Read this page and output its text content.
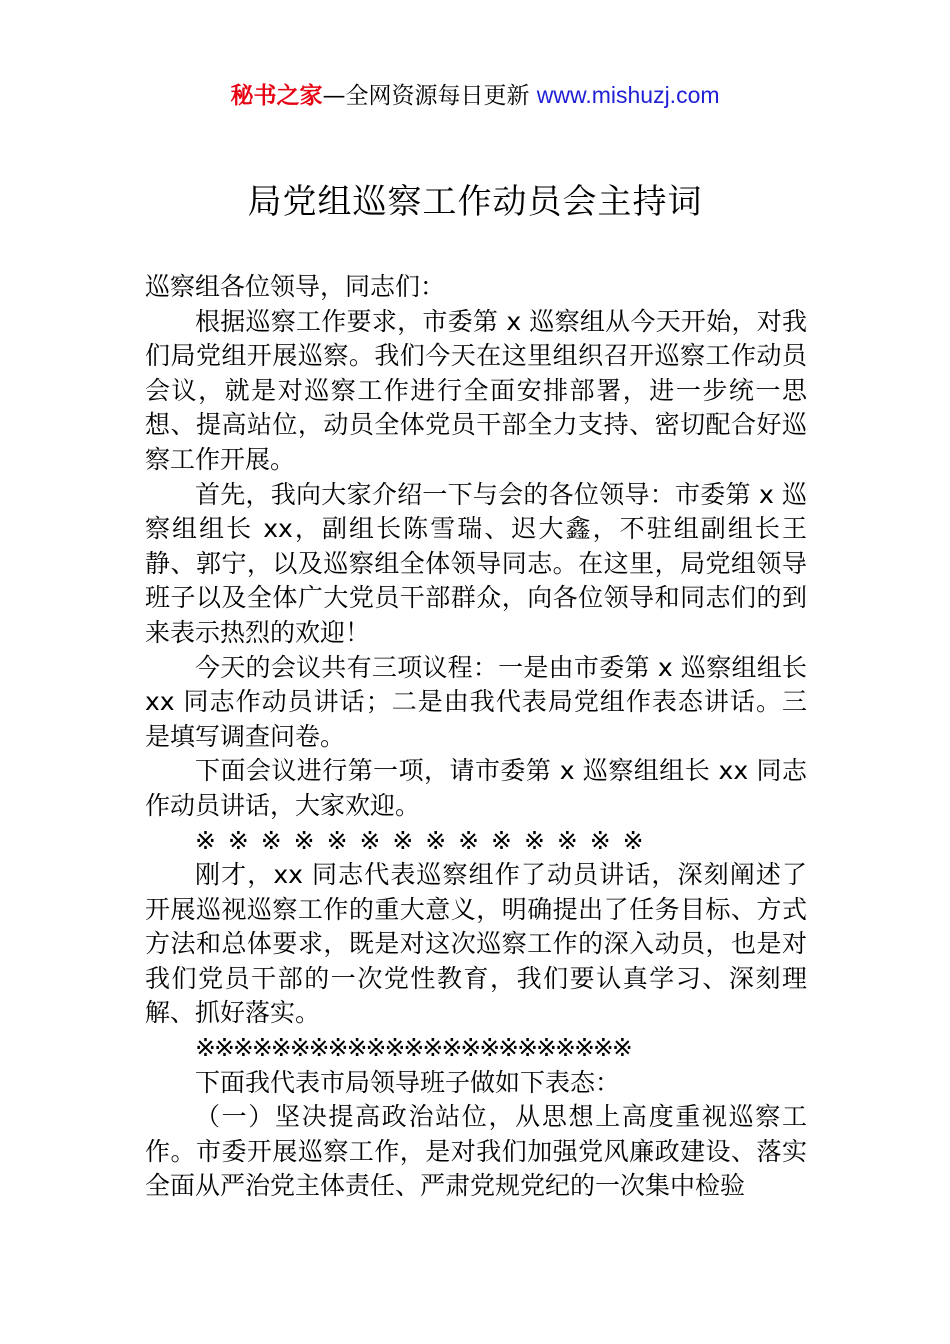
秘书之家—全网资源每日更新 www.mishuzj.com
局党组巡察工作动员会主持词

巡察组各位领导，同志们：

根据巡察工作要求，市委第 x 巡察组从今天开始，对我们局党组开展巡察。我们今天在这里组织召开巡察工作动员会议，就是对巡察工作进行全面安排部署，进一步统一思想、提高站位，动员全体党员干部全力支持、密切配合好巡察工作开展。

首先，我向大家介绍一下与会的各位领导：市委第 x 巡察组组长 xx，副组长陈雪瑞、迟大鑫，不驻组副组长王静、郭宁，以及巡察组全体领导同志。在这里，局党组领导班子以及全体广大党员干部群众，向各位领导和同志们的到来表示热烈的欢迎！

今天的会议共有三项议程：一是由市委第 x 巡察组组长 xx 同志作动员讲话；二是由我代表局党组作表态讲话。三是填写调查问卷。

下面会议进行第一项，请市委第 x 巡察组组长 xx 同志作动员讲话，大家欢迎。

※ ※ ※ ※ ※ ※ ※ ※ ※ ※ ※ ※ ※ ※

刚才，xx 同志代表巡察组作了动员讲话，深刻阐述了开展巡视巡察工作的重大意义，明确提出了任务目标、方式方法和总体要求，既是对这次巡察工作的深入动员，也是对我们党员干部的一次党性教育，我们要认真学习、深刻理解、抓好落实。

※※※※※※※※※※※※※※※※※※※※※※※

下面我代表市局领导班子做如下表态：

（一）坚决提高政治站位，从思想上高度重视巡察工作。市委开展巡察工作，是对我们加强党风廉政建设、落实全面从严治党主体责任、严肃党规党纪的一次集中检验
